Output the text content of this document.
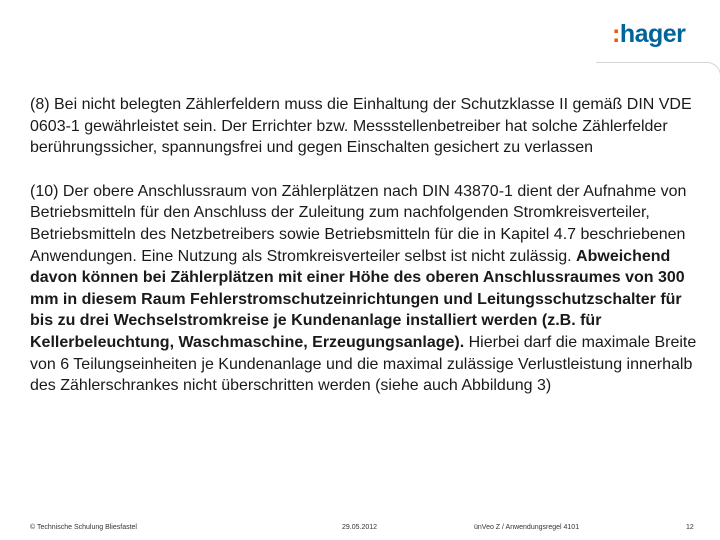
:hager

(8) Bei nicht belegten Zählerfeldern muss die Einhaltung der Schutzklasse II gemäß DIN VDE 0603-1 gewährleistet sein. Der Errichter bzw. Messstellenbetreiber hat solche Zählerfelder berührungssicher, spannungsfrei und gegen Einschalten gesichert zu verlassen

(10) Der obere Anschlussraum von Zählerplätzen nach DIN 43870-1 dient der Aufnahme von Betriebsmitteln für den Anschluss der Zuleitung zum nachfolgenden Stromkreisverteiler, Betriebsmitteln des Netzbetreibers sowie Betriebsmitteln für die in Kapitel 4.7 beschriebenen Anwendungen. Eine Nutzung als Stromkreisverteiler selbst ist nicht zulässig. Abweichend davon können bei Zählerplätzen mit einer Höhe des oberen Anschlussraumes von 300 mm in diesem Raum Fehlerstromschutzeinrichtungen und Leitungsschutzschalter für bis zu drei Wechselstromkreise je Kundenanlage installiert werden (z.B. für Kellerbeleuchtung, Waschmaschine, Erzeugungsanlage). Hierbei darf die maximale Breite von 6 Teilungseinheiten je Kundenanlage und die maximal zulässige Verlustleistung innerhalb des Zählerschrankes nicht überschritten werden (siehe auch Abbildung 3)

© Technische Schulung Bliesfastel	29.05.2012	ünVeo Z / Anwendungsregel 4101	12
